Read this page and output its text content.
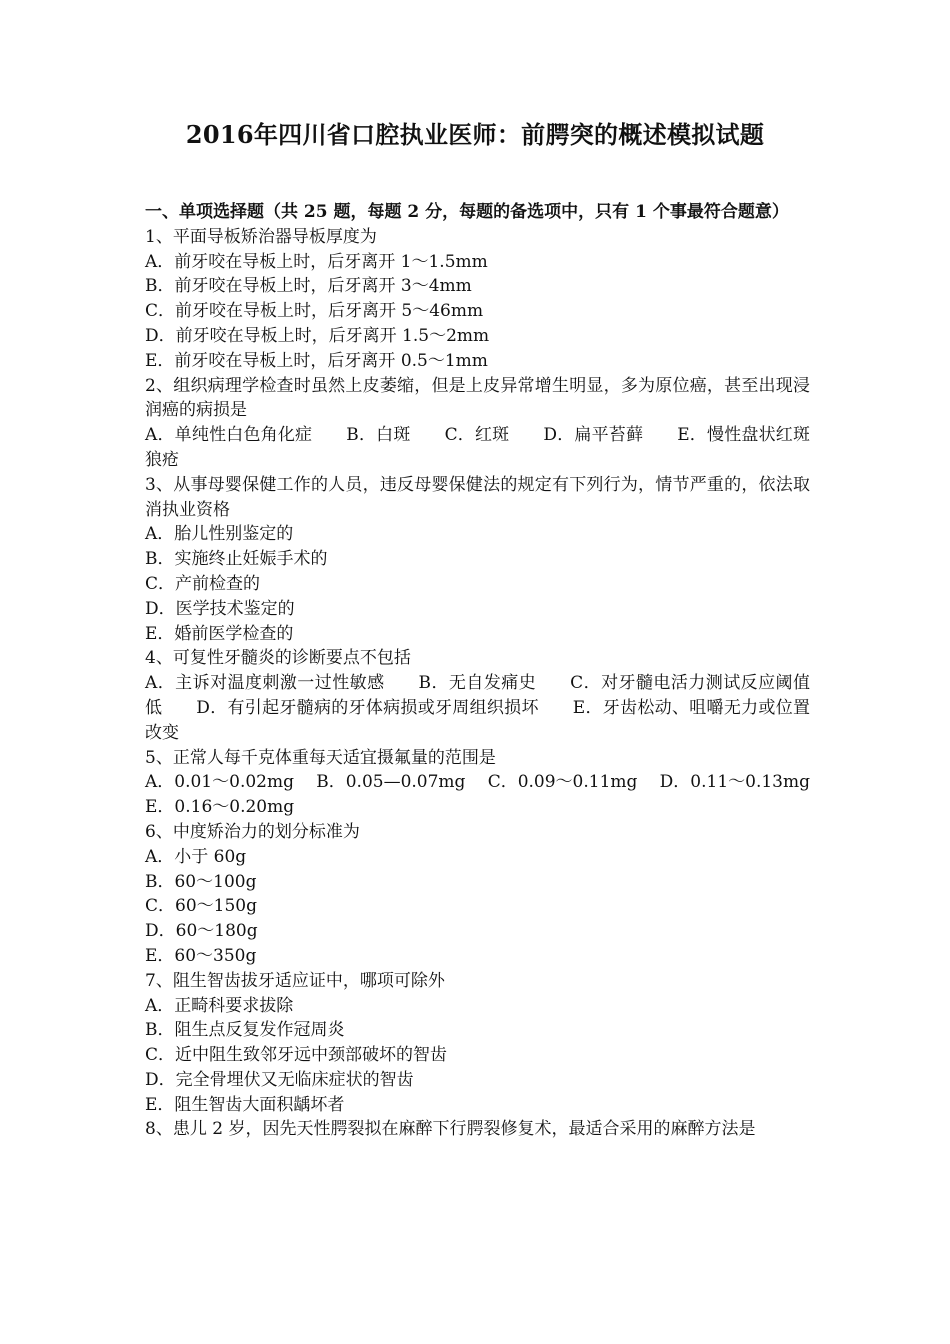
2016年四川省口腔执业医师：前腭突的概述模拟试题
一、单项选择题（共 25 题，每题 2 分，每题的备选项中，只有 1 个事最符合题意）
1、平面导板矫治器导板厚度为
A．前牙咬在导板上时，后牙离开 1～1.5mm
B．前牙咬在导板上时，后牙离开 3～4mm
C．前牙咬在导板上时，后牙离开 5～46mm
D．前牙咬在导板上时，后牙离开 1.5～2mm
E．前牙咬在导板上时，后牙离开 0.5～1mm
2、组织病理学检查时虽然上皮萎缩，但是上皮异常增生明显，多为原位癌，甚至出现浸润癌的病损是
A．单纯性白色角化症 B．白斑 C．红斑 D．扁平苔藓 E．慢性盘状红斑狼疮
3、从事母婴保健工作的人员，违反母婴保健法的规定有下列行为，情节严重的，依法取消执业资格
A．胎儿性别鉴定的
B．实施终止妊娠手术的
C．产前检查的
D．医学技术鉴定的
E．婚前医学检查的
4、可复性牙髓炎的诊断要点不包括
A．主诉对温度刺激一过性敏感 B．无自发痛史 C．对牙髓电活力测试反应阈值低 D．有引起牙髓病的牙体病损或牙周组织损坏 E．牙齿松动、咀嚼无力或位置改变
5、正常人每千克体重每天适宜摄氟量的范围是
A．0.01～0.02mg B．0.05—0.07mg C．0.09～0.11mg D．0.11～0.13mg
E．0.16～0.20mg
6、中度矫治力的划分标准为
A．小于 60g
B．60～100g
C．60～150g
D．60～180g
E．60～350g
7、阻生智齿拔牙适应证中，哪项可除外
A．正畸科要求拔除
B．阻生点反复发作冠周炎
C．近中阻生致邻牙远中颈部破坏的智齿
D．完全骨埋伏又无临床症状的智齿
E．阻生智齿大面积龋坏者
8、患儿 2 岁，因先天性腭裂拟在麻醉下行腭裂修复术，最适合采用的麻醉方法是
